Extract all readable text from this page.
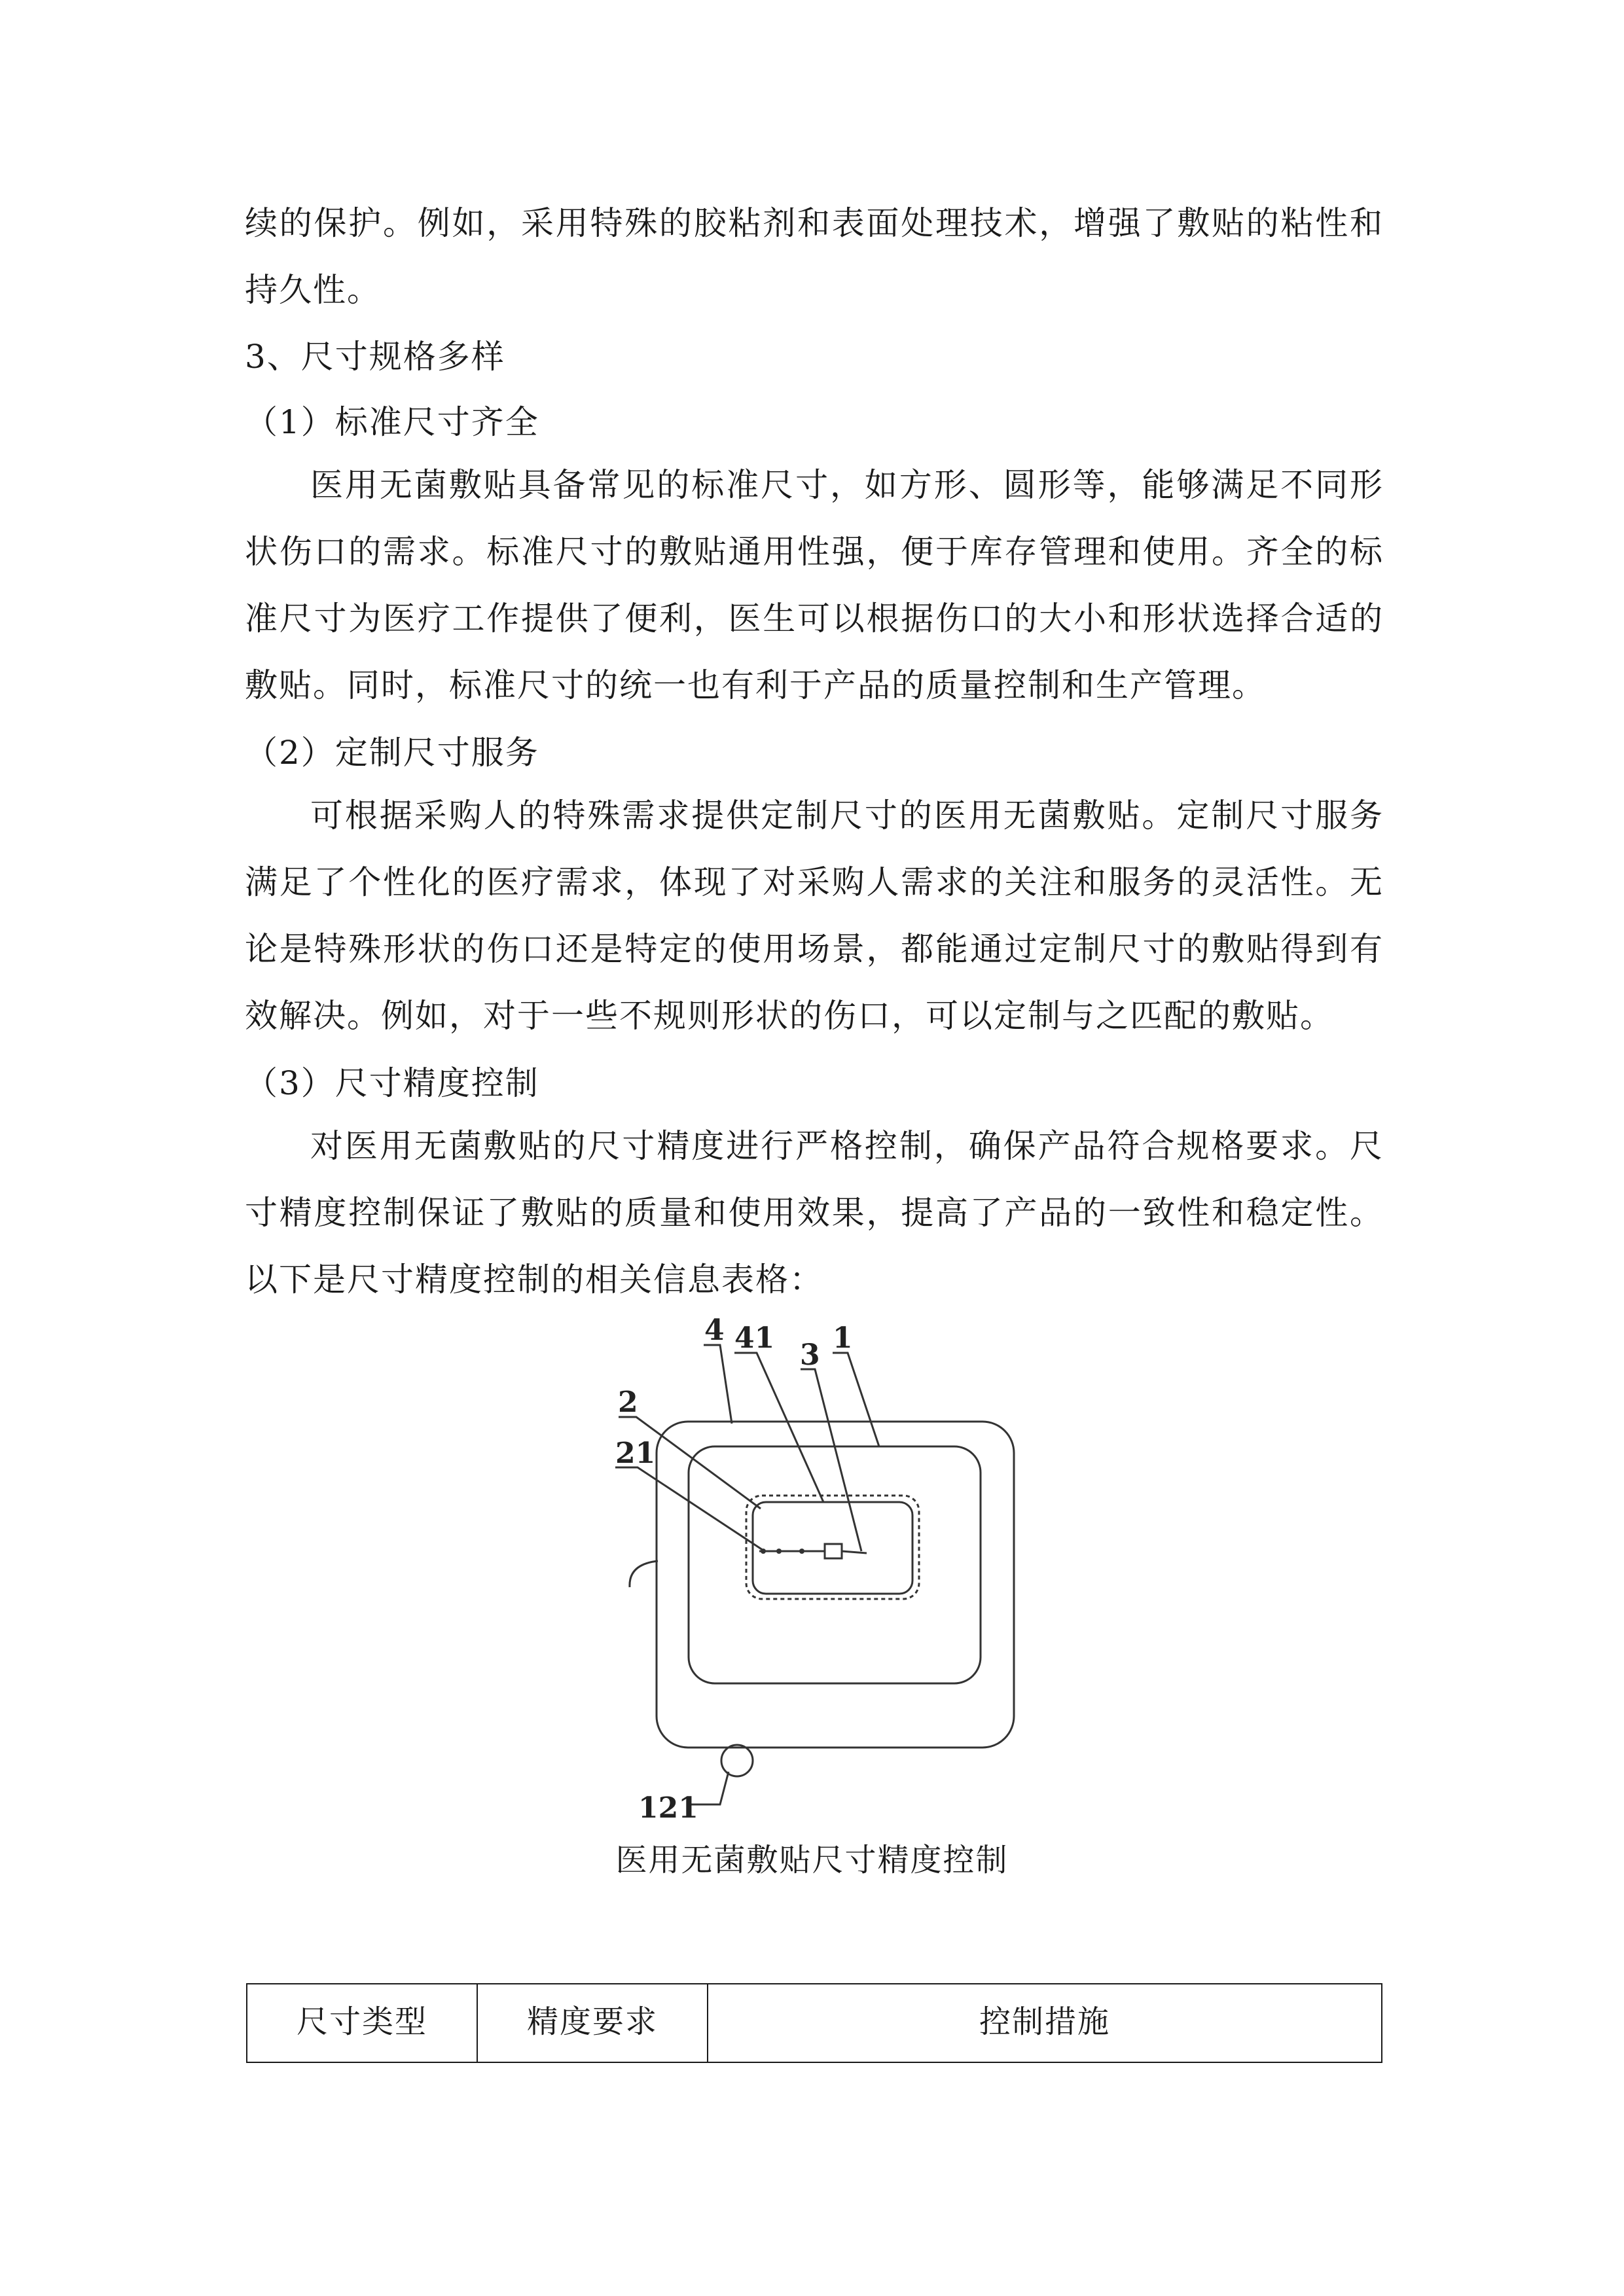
续的保护。例如，采用特殊的胶粘剂和表面处理技术，增强了敷贴的粘性和持久性。

3、尺寸规格多样

（1）标准尺寸齐全

医用无菌敷贴具备常见的标准尺寸，如方形、圆形等，能够满足不同形状伤口的需求。标准尺寸的敷贴通用性强，便于库存管理和使用。齐全的标准尺寸为医疗工作提供了便利，医生可以根据伤口的大小和形状选择合适的敷贴。同时，标准尺寸的统一也有利于产品的质量控制和生产管理。

（2）定制尺寸服务

可根据采购人的特殊需求提供定制尺寸的医用无菌敷贴。定制尺寸服务满足了个性化的医疗需求，体现了对采购人需求的关注和服务的灵活性。无论是特殊形状的伤口还是特定的使用场景，都能通过定制尺寸的敷贴得到有效解决。例如，对于一些不规则形状的伤口，可以定制与之匹配的敷贴。

（3）尺寸精度控制

对医用无菌敷贴的尺寸精度进行严格控制，确保产品符合规格要求。尺寸精度控制保证了敷贴的质量和使用效果，提高了产品的一致性和稳定性。以下是尺寸精度控制的相关信息表格：

4 41
3
1
2
21
121
医用无菌敷贴尺寸精度控制
尺寸类型	精度要求	控制措施
